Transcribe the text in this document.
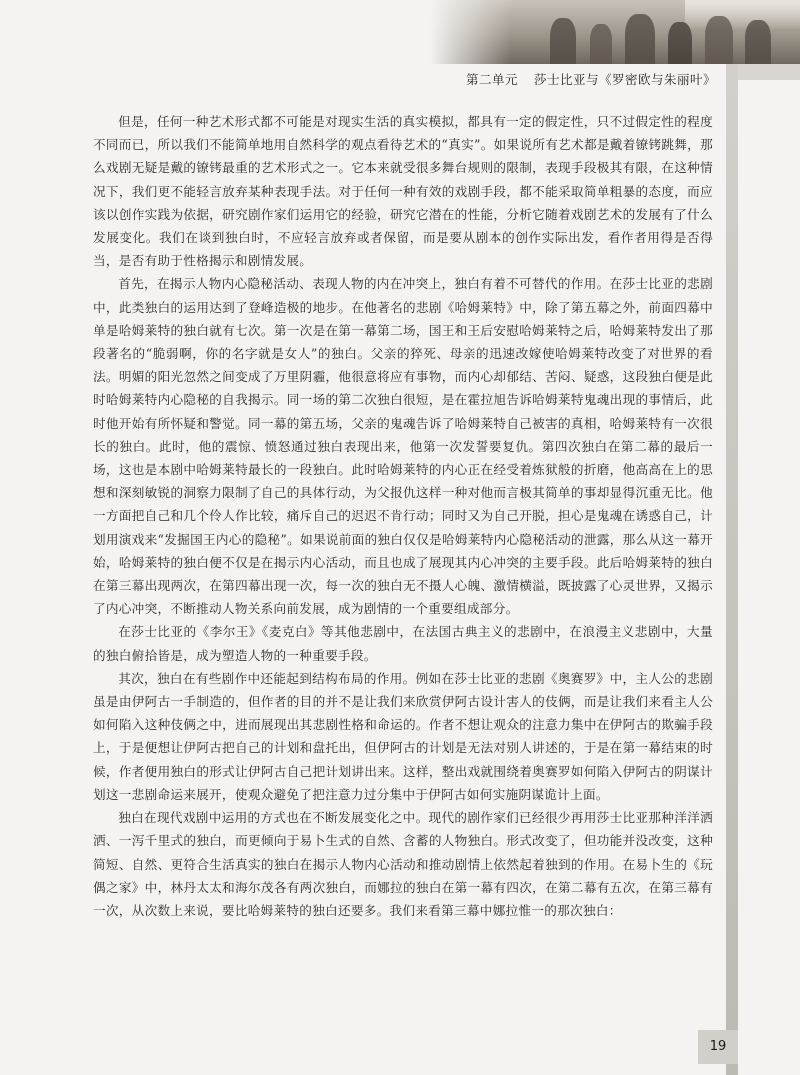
第二单元 莎士比亚与《罗密欧与朱丽叶》

但是，任何一种艺术形式都不可能是对现实生活的真实模拟，都具有一定的假定性，只不过假定性的程度不同而已，所以我们不能简单地用自然科学的观点看待艺术的“真实”。如果说所有艺术都是戴着镣铐跳舞，那么戏剧无疑是戴的镣铐最重的艺术形式之一。它本来就受很多舞台规则的限制，表现手段极其有限，在这种情况下，我们更不能轻言放弃某种表现手法。对于任何一种有效的戏剧手段，都不能采取简单粗暴的态度，而应该以创作实践为依据，研究剧作家们运用它的经验，研究它潜在的性能，分析它随着戏剧艺术的发展有了什么发展变化。我们在谈到独白时，不应轻言放弃或者保留，而是要从剧本的创作实际出发，看作者用得是否得当，是否有助于性格揭示和剧情发展。

首先，在揭示人物内心隐秘活动、表现人物的内在冲突上，独白有着不可替代的作用。在莎士比亚的悲剧中，此类独白的运用达到了登峰造极的地步。在他著名的悲剧《哈姆莱特》中，除了第五幕之外，前面四幕中单是哈姆莱特的独白就有七次。第一次是在第一幕第二场，国王和王后安慰哈姆莱特之后，哈姆莱特发出了那段著名的“脆弱啊，你的名字就是女人”的独白。父亲的猝死、母亲的迅速改嫁使哈姆莱特改变了对世界的看法。明媚的阳光忽然之间变成了万里阴霾，他很意将应有事物，而内心却郁结、苦闷、疑惑，这段独白便是此时哈姆莱特内心隐秘的自我揭示。同一场的第二次独白很短，是在霍拉旭告诉哈姆莱特鬼魂出现的事情后，此时他开始有所怀疑和警觉。同一幕的第五场，父亲的鬼魂告诉了哈姆莱特自己被害的真相，哈姆莱特有一次很长的独白。此时，他的震惊、愤怒通过独白表现出来，他第一次发誓要复仇。第四次独白在第二幕的最后一场，这也是本剧中哈姆莱特最长的一段独白。此时哈姆莱特的内心正在经受着炼狱般的折磨，他高高在上的思想和深刻敏锐的洞察力限制了自己的具体行动，为父报仇这样一种对他而言极其简单的事却显得沉重无比。他一方面把自己和几个伶人作比较，痛斥自己的迟迟不肯行动；同时又为自己开脱，担心是鬼魂在诱惑自己，计划用演戏来“发掘国王内心的隐秘”。如果说前面的独白仅仅是哈姆莱特内心隐秘活动的泄露，那么从这一幕开始，哈姆莱特的独白便不仅是在揭示内心活动，而且也成了展现其内心冲突的主要手段。此后哈姆莱特的独白在第三幕出现两次，在第四幕出现一次，每一次的独白无不摄人心魄、激情横溢，既披露了心灵世界，又揭示了内心冲突，不断推动人物关系向前发展，成为剧情的一个重要组成部分。

在莎士比亚的《李尔王》《麦克白》等其他悲剧中，在法国古典主义的悲剧中，在浪漫主义悲剧中，大量的独白俯拾皆是，成为塑造人物的一种重要手段。

其次，独白在有些剧作中还能起到结构布局的作用。例如在莎士比亚的悲剧《奥赛罗》中，主人公的悲剧虽是由伊阿古一手制造的，但作者的目的并不是让我们来欣赏伊阿古设计害人的伎俩，而是让我们来看主人公如何陷入这种伎俩之中，进而展现出其悲剧性格和命运的。作者不想让观众的注意力集中在伊阿古的欺骗手段上，于是便想让伊阿古把自己的计划和盘托出，但伊阿古的计划是无法对别人讲述的，于是在第一幕结束的时候，作者便用独白的形式让伊阿古自己把计划讲出来。这样，整出戏就围绕着奥赛罗如何陷入伊阿古的阴谋计划这一悲剧命运来展开，使观众避免了把注意力过分集中于伊阿古如何实施阴谋诡计上面。

独白在现代戏剧中运用的方式也在不断发展变化之中。现代的剧作家们已经很少再用莎士比亚那种洋洋洒洒、一泻千里式的独白，而更倾向于易卜生式的自然、含蓄的人物独白。形式改变了，但功能并没改变，这种简短、自然、更符合生活真实的独白在揭示人物内心活动和推动剧情上依然起着独到的作用。在易卜生的《玩偶之家》中，林丹太太和海尔茂各有两次独白，而娜拉的独白在第一幕有四次，在第二幕有五次，在第三幕有一次，从次数上来说，要比哈姆莱特的独白还要多。我们来看第三幕中娜拉惟一的那次独白：

19
